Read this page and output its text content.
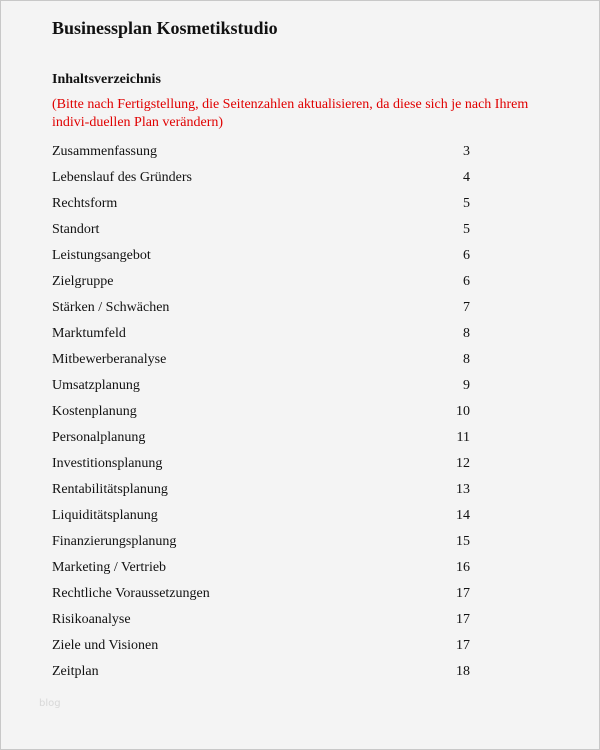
Businessplan Kosmetikstudio
Inhaltsverzeichnis
(Bitte nach Fertigstellung, die Seitenzahlen aktualisieren, da diese sich je nach Ihrem indivi-duellen Plan verändern)
Zusammenfassung	3
Lebenslauf des Gründers	4
Rechtsform	5
Standort	5
Leistungsangebot	6
Zielgruppe	6
Stärken / Schwächen	7
Marktumfeld	8
Mitbewerberanalyse	8
Umsatzplanung	9
Kostenplanung	10
Personalplanung	11
Investitionsplanung	12
Rentabilitätsplanung	13
Liquiditätsplanung	14
Finanzierungsplanung	15
Marketing / Vertrieb	16
Rechtliche Voraussetzungen	17
Risikoanalyse	17
Ziele und Visionen	17
Zeitplan	18
blog
